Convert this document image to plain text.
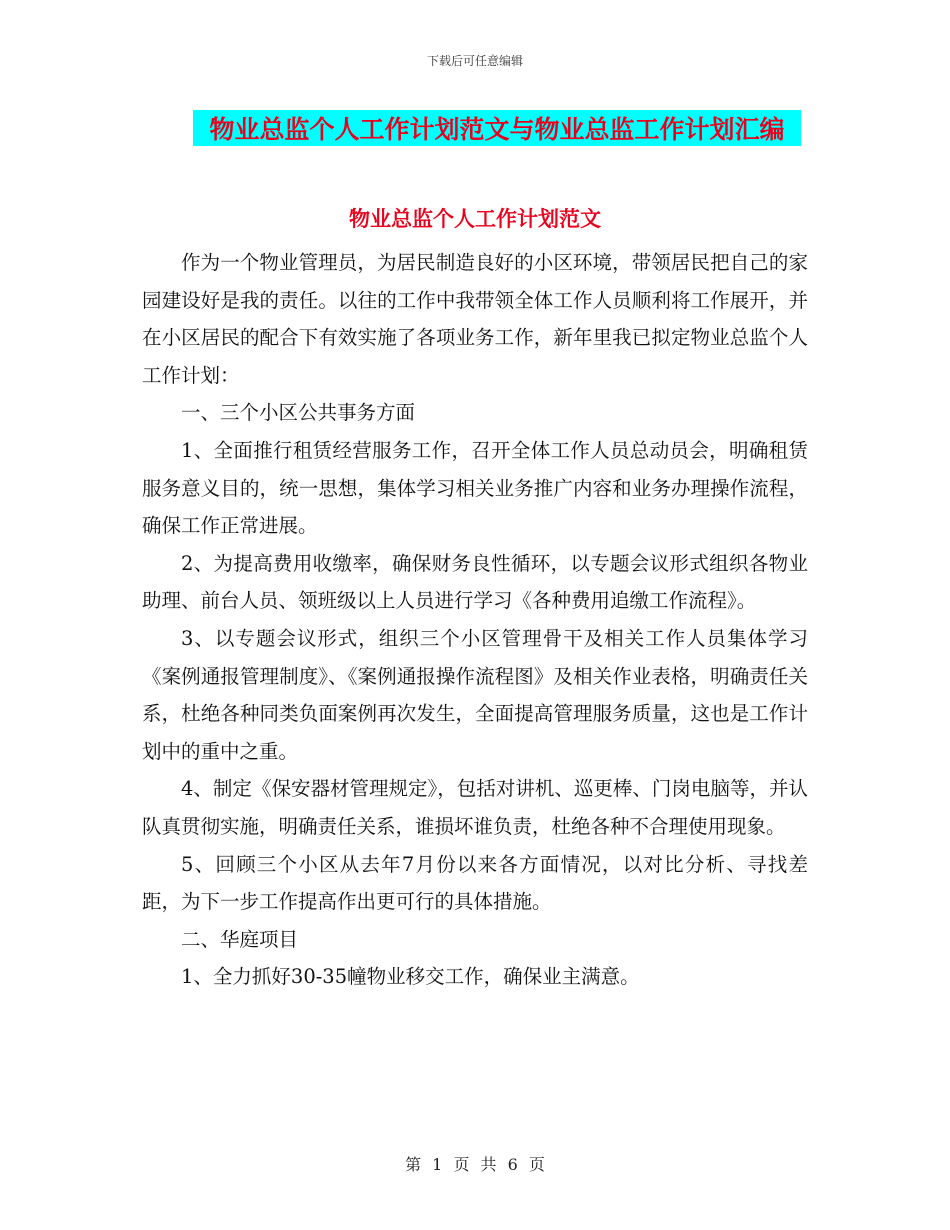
下载后可任意编辑
物业总监个人工作计划范文与物业总监工作计划汇编
物业总监个人工作计划范文

作为一个物业管理员，为居民制造良好的小区环境，带领居民把自己的家园建设好是我的责任。以往的工作中我带领全体工作人员顺利将工作展开，并在小区居民的配合下有效实施了各项业务工作，新年里我已拟定物业总监个人工作计划：

一、三个小区公共事务方面

1、全面推行租赁经营服务工作，召开全体工作人员总动员会，明确租赁服务意义目的，统一思想，集体学习相关业务推广内容和业务办理操作流程，确保工作正常进展。

2、为提高费用收缴率，确保财务良性循环，以专题会议形式组织各物业助理、前台人员、领班级以上人员进行学习《各种费用追缴工作流程》。

3、以专题会议形式，组织三个小区管理骨干及相关工作人员集体学习《案例通报管理制度》、《案例通报操作流程图》及相关作业表格，明确责任关系，杜绝各种同类负面案例再次发生，全面提高管理服务质量，这也是工作计划中的重中之重。

4、制定《保安器材管理规定》，包括对讲机、巡更棒、门岗电脑等，并认队真贯彻实施，明确责任关系，谁损坏谁负责，杜绝各种不合理使用现象。

5、回顾三个小区从去年7月份以来各方面情况，以对比分析、寻找差距，为下一步工作提高作出更可行的具体措施。

二、华庭项目

1、全力抓好30-35幢物业移交工作，确保业主满意。

第 1 页 共 6 页
